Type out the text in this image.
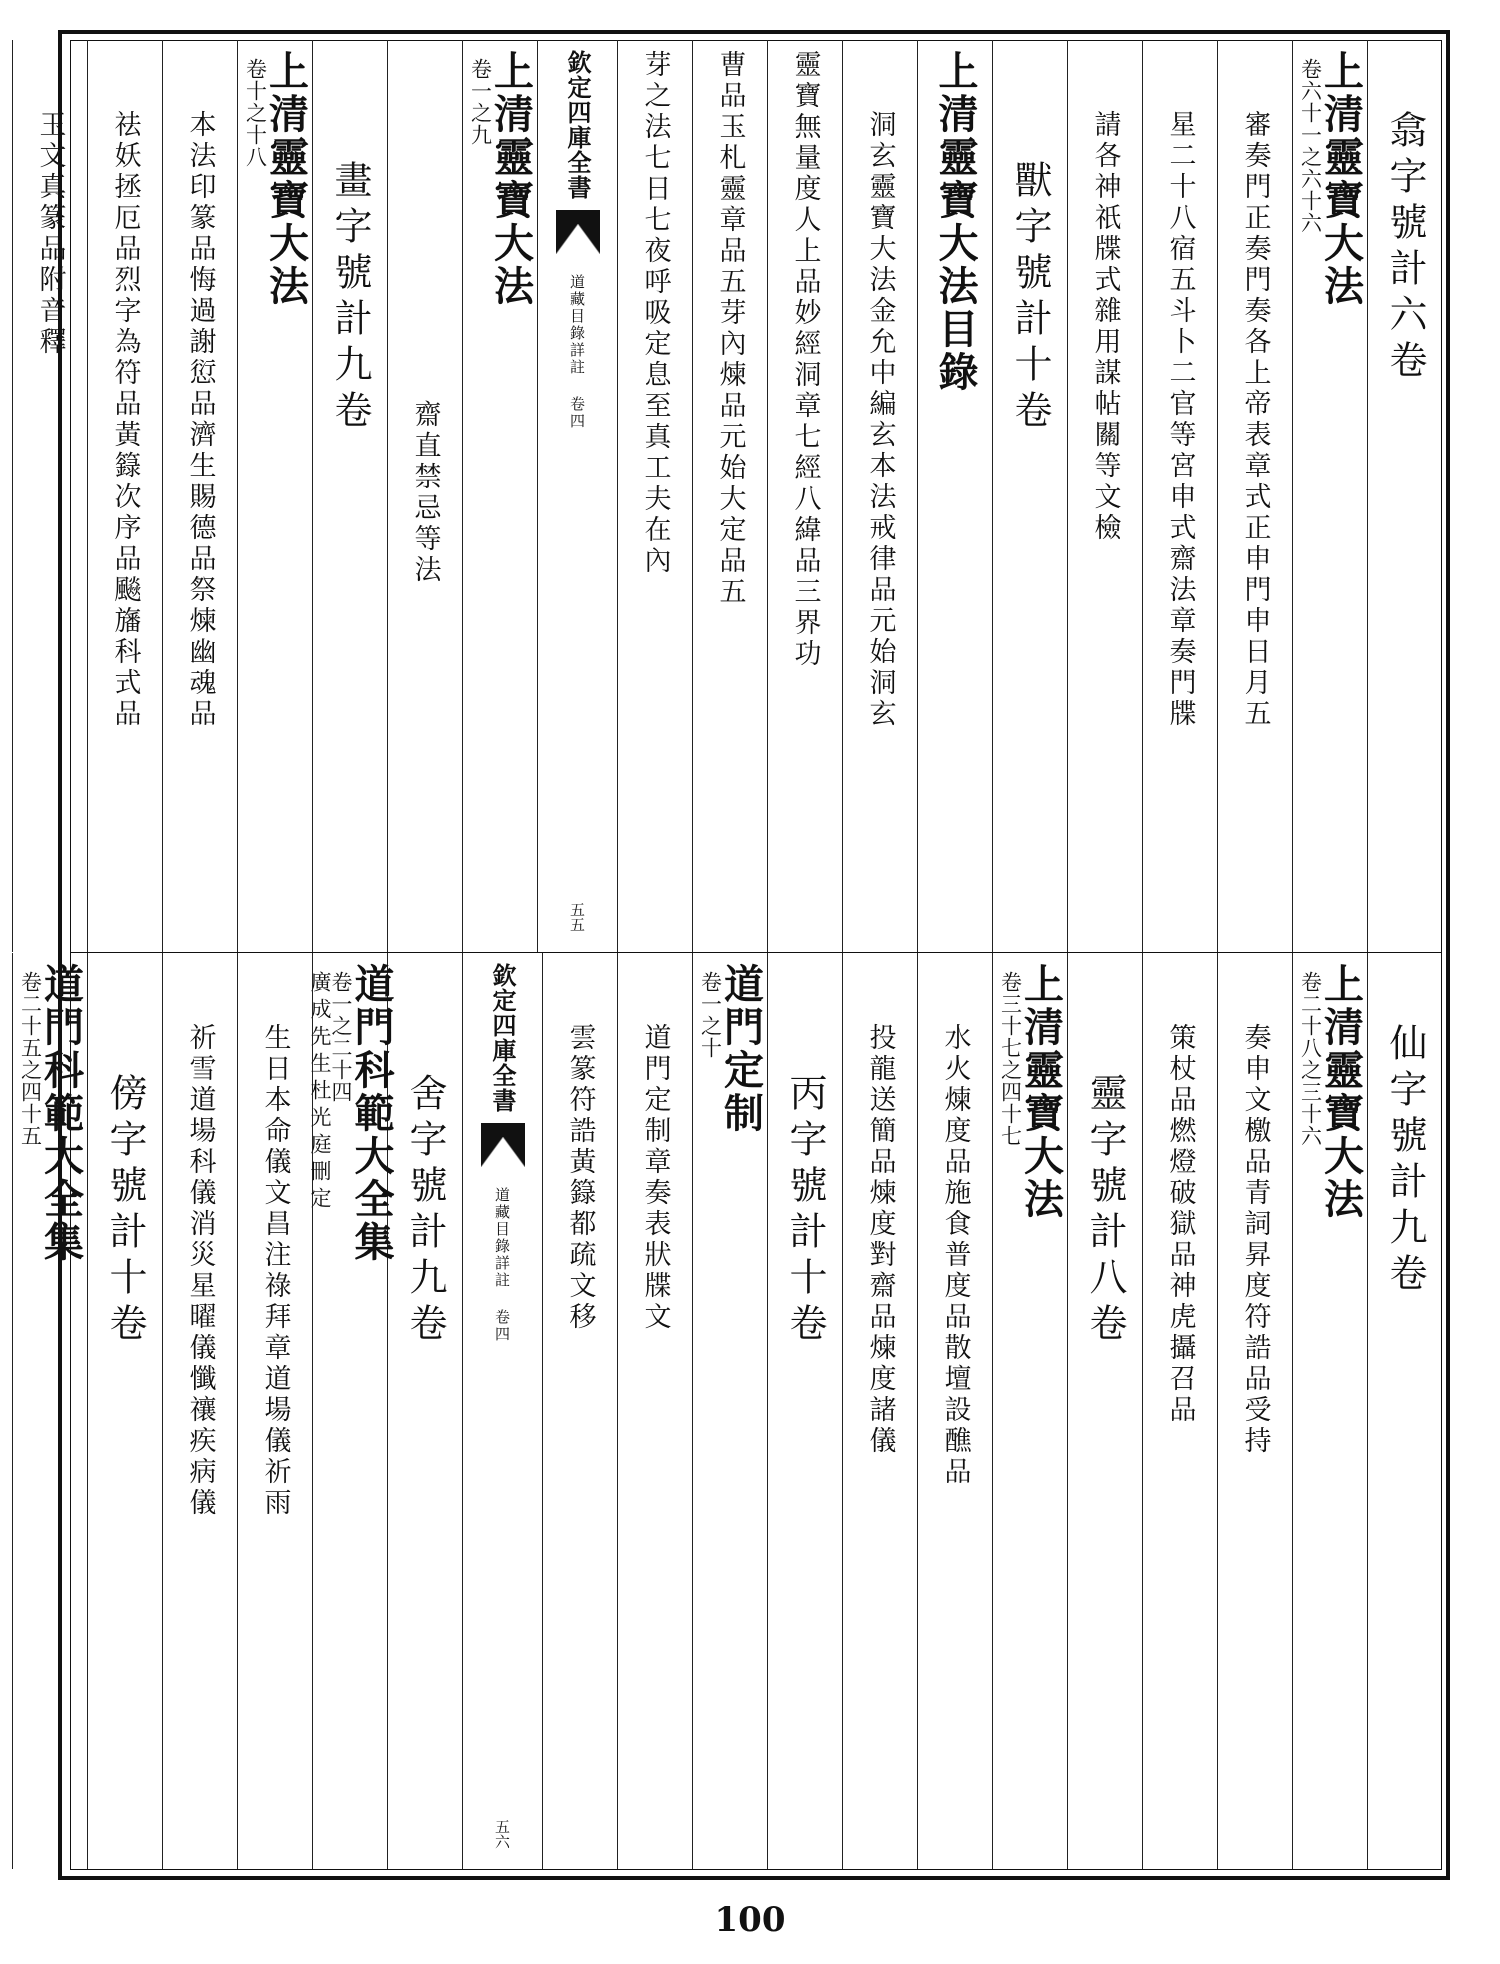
翕字號計六卷
上清靈寶大法
卷六十一之六十六
審奏門正奏門奏各上帝表章式正申門申日月五
星二十八宿五斗卜二官等宮申式齋法章奏門牒
請各神祇牒式雜用謀帖關等文檢
獸字號計十卷
上清靈寶大法目錄
洞玄靈寶大法金允中編玄本法戒律品元始洞玄
靈寶無量度人上品妙經洞章七經八緯品三界功
曹品玉札靈章品五芽內煉品元始大定品五
芽之法七日七夜呼吸定息至真工夫在內
欽定四庫全書
道藏目錄詳註 卷四
五五
上清靈寶大法
卷一之九
齋直禁忌等法
畫字號計九卷
上清靈寶大法
卷十之十八
本法印篆品悔過謝愆品濟生賜德品祭煉幽魂品
祛妖拯厄品烈字為符品黃籙次序品飈旛科式品
玉文真篆品附音釋
仙字號計九卷
上清靈寶大法
卷二十八之三十六
奏申文檄品青詞昇度符誥品受持
策杖品燃燈破獄品神虎攝召品
靈字號計八卷
上清靈寶大法
卷三十七之四十七
水火煉度品施食普度品散壇設醮品
投龍送簡品煉度對齋品煉度諸儀
丙字號計十卷
道門定制
卷一之十
道門定制章奏表狀牒文
雲篆符誥黃籙都疏文移
欽定四庫全書
道藏目錄詳註 卷四
五六
舍字號計九卷
道門科範大全集
卷一之二十四
廣成先生杜光庭刪定
生日本命儀文昌注祿拜章道場儀祈雨
祈雪道場科儀消災星曜儀懺禳疾病儀
傍字號計十卷
道門科範大全集
卷二十五之四十五
100
